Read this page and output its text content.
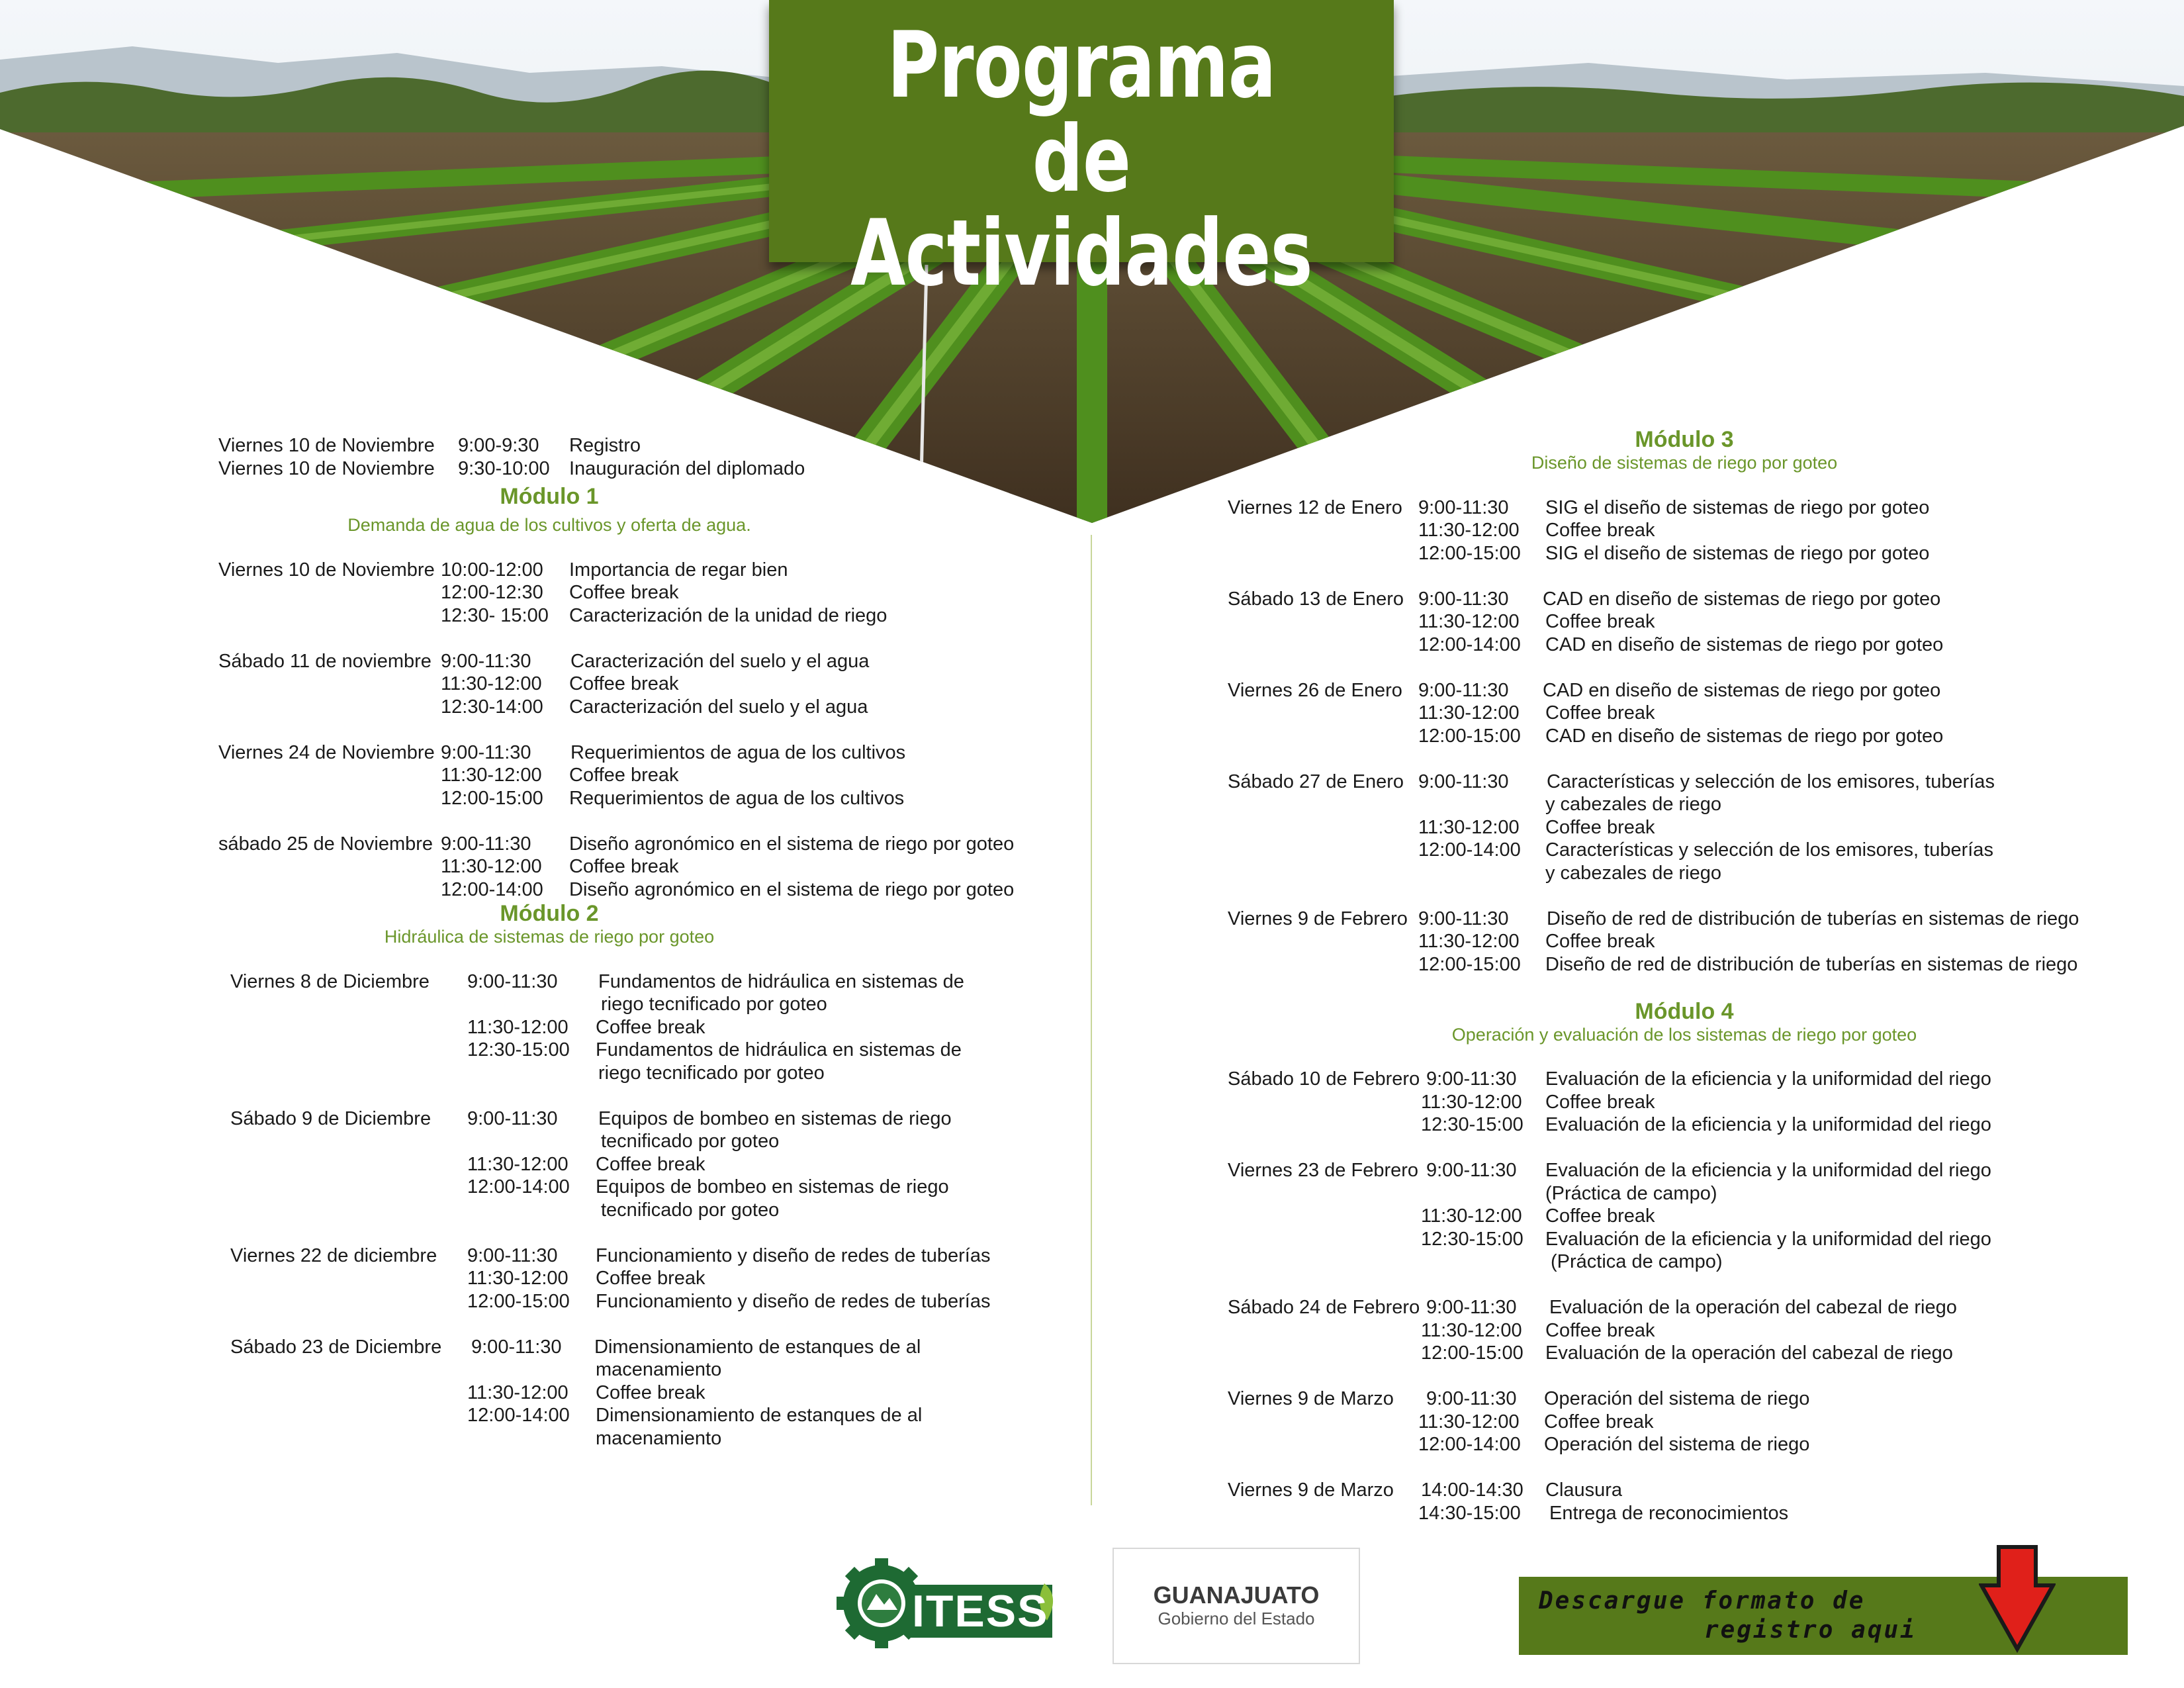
Programa de
Actividades
Viernes 10 de Noviembre 9:00-9:30 Registro
Viernes 10 de Noviembre 9:30-10:00 Inauguración del diplomado
Módulo 1
Demanda de agua de los cultivos y oferta de agua.
Viernes 10 de Noviembre 10:00-12:00 Importancia de regar bien
12:00-12:30 Coffee break
12:30- 15:00 Caracterización de la unidad de riego
Sábado 11 de noviembre 9:00-11:30 Caracterización del suelo y el agua
11:30-12:00 Coffee break
12:30-14:00 Caracterización del suelo y el agua
Viernes 24 de Noviembre 9:00-11:30 Requerimientos de agua de los cultivos
11:30-12:00 Coffee break
12:00-15:00 Requerimientos de agua de los cultivos
sábado 25 de Noviembre 9:00-11:30 Diseño agronómico en el sistema de riego por goteo
11:30-12:00 Coffee break
12:00-14:00 Diseño agronómico en el sistema de riego por goteo
Módulo 2
Hidráulica de sistemas de riego por goteo
Viernes 8 de Diciembre 9:00-11:30 Fundamentos de hidráulica en sistemas de
riego tecnificado por goteo
11:30-12:00 Coffee break
12:30-15:00 Fundamentos de hidráulica en sistemas de
riego tecnificado por goteo
Sábado 9 de Diciembre 9:00-11:30 Equipos de bombeo en sistemas de riego
tecnificado por goteo
11:30-12:00 Coffee break
12:00-14:00 Equipos de bombeo en sistemas de riego
tecnificado por goteo
Viernes 22 de diciembre 9:00-11:30 Funcionamiento y diseño de redes de tuberías
11:30-12:00 Coffee break
12:00-15:00 Funcionamiento y diseño de redes de tuberías
Sábado 23 de Diciembre 9:00-11:30 Dimensionamiento de estanques de al
macenamiento
11:30-12:00 Coffee break
12:00-14:00 Dimensionamiento de estanques de al
macenamiento
Módulo 3
Diseño de sistemas de riego por goteo
Viernes 12 de Enero 9:00-11:30 SIG el diseño de sistemas de riego por goteo
11:30-12:00 Coffee break
12:00-15:00 SIG el diseño de sistemas de riego por goteo
Sábado 13 de Enero 9:00-11:30 CAD en diseño de sistemas de riego por goteo
11:30-12:00 Coffee break
12:00-14:00 CAD en diseño de sistemas de riego por goteo
Viernes 26 de Enero 9:00-11:30 CAD en diseño de sistemas de riego por goteo
11:30-12:00 Coffee break
12:00-15:00 CAD en diseño de sistemas de riego por goteo
Sábado 27 de Enero 9:00-11:30 Características y selección de los emisores, tuberías
y cabezales de riego
11:30-12:00 Coffee break
12:00-14:00 Características y selección de los emisores, tuberías
y cabezales de riego
Viernes 9 de Febrero 9:00-11:30 Diseño de red de distribución de tuberías en sistemas de riego
11:30-12:00 Coffee break
12:00-15:00 Diseño de red de distribución de tuberías en sistemas de riego
Módulo 4
Operación y evaluación de los sistemas de riego por goteo
Sábado 10 de Febrero 9:00-11:30 Evaluación de la eficiencia y la uniformidad del riego
11:30-12:00 Coffee break
12:30-15:00 Evaluación de la eficiencia y la uniformidad del riego
Viernes 23 de Febrero 9:00-11:30 Evaluación de la eficiencia y la uniformidad del riego
(Práctica de campo)
11:30-12:00 Coffee break
12:30-15:00 Evaluación de la eficiencia y la uniformidad del riego
(Práctica de campo)
Sábado 24 de Febrero 9:00-11:30 Evaluación de la operación del cabezal de riego
11:30-12:00 Coffee break
12:00-15:00 Evaluación de la operación del cabezal de riego
Viernes 9 de Marzo 9:00-11:30 Operación del sistema de riego
11:30-12:00 Coffee break
12:00-14:00 Operación del sistema de riego
Viernes 9 de Marzo 14:00-14:30 Clausura
14:30-15:00 Entrega de reconocimientos
ITESS	GUANAJUATO
Gobierno del Estado
Descargue formato de
registro aqui
